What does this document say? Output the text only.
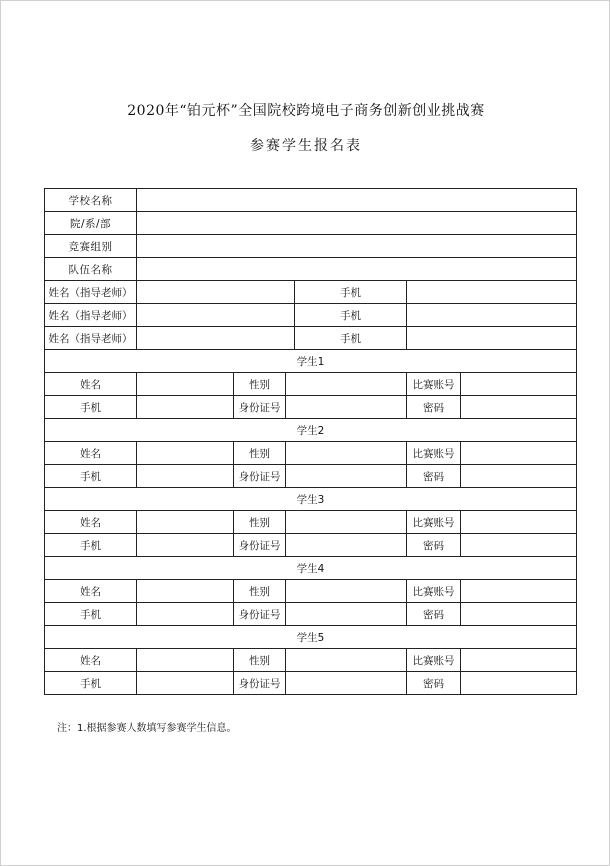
2020年“铂元杯”全国院校跨境电子商务创新创业挑战赛
参赛学生报名表
学校名称						
院/系/部						
竞赛组别						
队伍名称						
姓名（指导老师）				手机		
姓名（指导老师）				手机		
姓名（指导老师）				手机		
学生1						
姓名		性别			比赛账号	
手机		身份证号			密码	
学生2						
姓名		性别			比赛账号	
手机		身份证号			密码	
学生3						
姓名		性别			比赛账号	
手机		身份证号			密码	
学生4						
姓名		性别			比赛账号	
手机		身份证号			密码	
学生5						
姓名		性别			比赛账号	
手机		身份证号			密码	
注：1.根据参赛人数填写参赛学生信息。
